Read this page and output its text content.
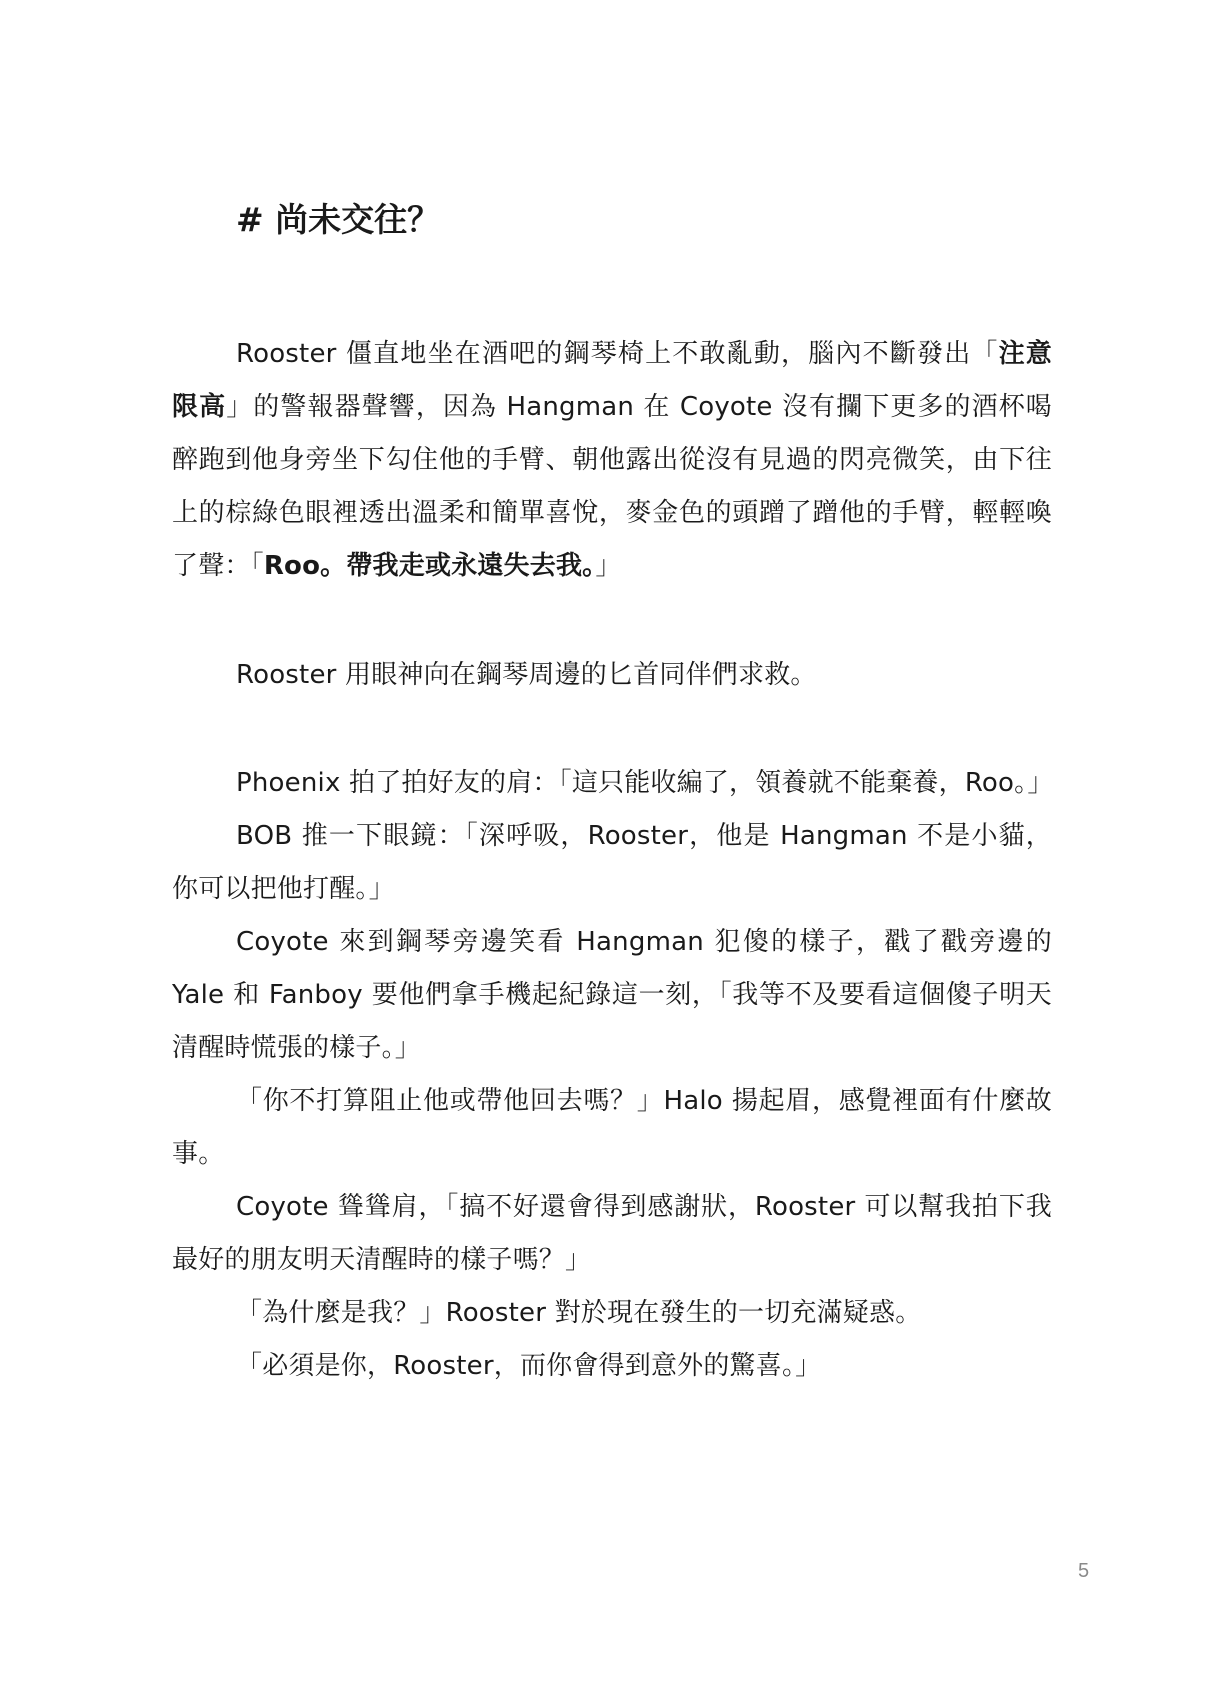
# 尚未交往？

Rooster 僵直地坐在酒吧的鋼琴椅上不敢亂動，腦內不斷發出「注意限高」的警報器聲響，因為 Hangman 在 Coyote 沒有攔下更多的酒杯喝醉跑到他身旁坐下勾住他的手臂、朝他露出從沒有見過的閃亮微笑，由下往上的棕綠色眼裡透出溫柔和簡單喜悅，麥金色的頭蹭了蹭他的手臂，輕輕喚了聲：「Roo。帶我走或永遠失去我。」

Rooster 用眼神向在鋼琴周邊的匕首同伴們求救。

Phoenix 拍了拍好友的肩：「這只能收編了，領養就不能棄養，Roo。」

BOB 推一下眼鏡：「深呼吸，Rooster，他是 Hangman 不是小貓，你可以把他打醒。」

Coyote 來到鋼琴旁邊笑看 Hangman 犯傻的樣子，戳了戳旁邊的 Yale 和 Fanboy 要他們拿手機起紀錄這一刻，「我等不及要看這個傻子明天清醒時慌張的樣子。」

「你不打算阻止他或帶他回去嗎？」Halo 揚起眉，感覺裡面有什麼故事。

Coyote 聳聳肩，「搞不好還會得到感謝狀，Rooster 可以幫我拍下我最好的朋友明天清醒時的樣子嗎？」

「為什麼是我？」Rooster 對於現在發生的一切充滿疑惑。

「必須是你，Rooster，而你會得到意外的驚喜。」

5
